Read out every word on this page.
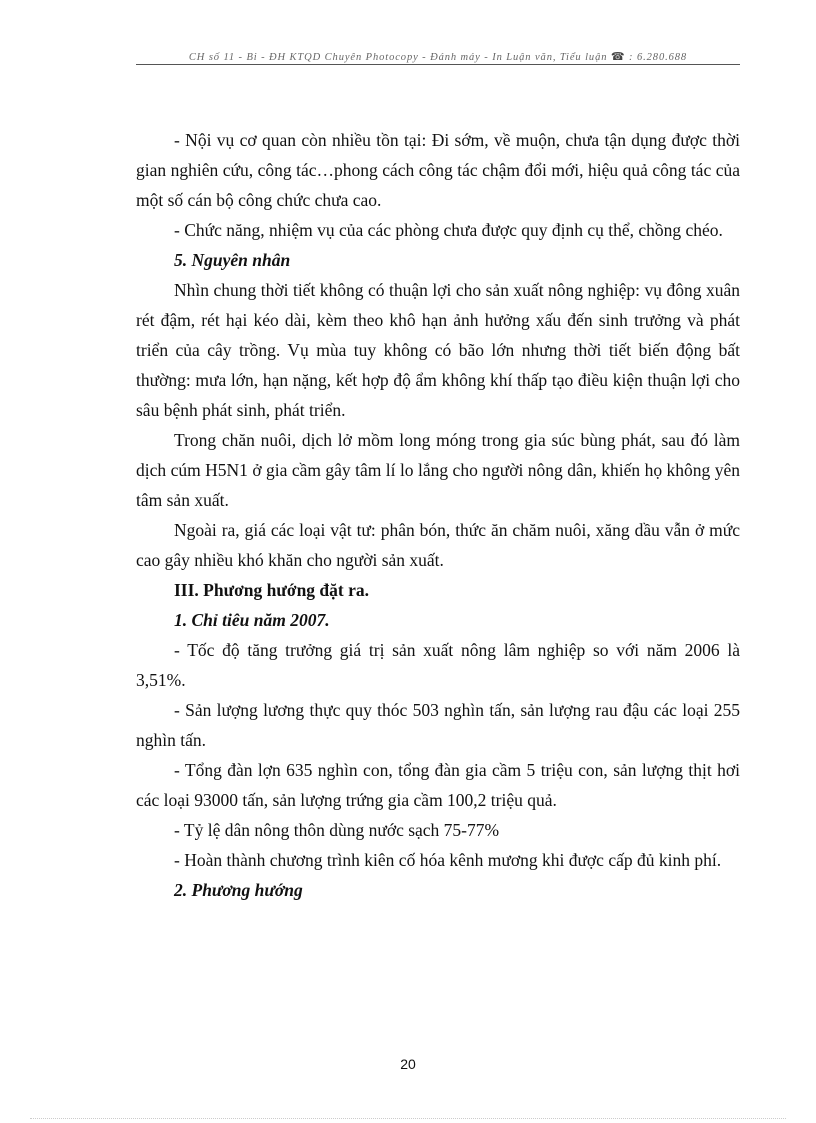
CH số 11 - Bi - ĐH KTQD Chuyên Photocopy - Đánh máy - In Luận văn, Tiểu luận ☎ : 6.280.688

- Nội vụ cơ quan còn nhiều tồn tại: Đi sớm, về muộn, chưa tận dụng được thời gian nghiên cứu, công tác…phong cách công tác chậm đổi mới, hiệu quả công tác của một số cán bộ công chức chưa cao.

- Chức năng, nhiệm vụ của các phòng chưa được quy định cụ thể, chồng chéo.

5. Nguyên nhân

Nhìn chung thời tiết không có thuận lợi cho sản xuất nông nghiệp: vụ đông xuân rét đậm, rét hại kéo dài, kèm theo khô hạn ảnh hưởng xấu đến sinh trưởng và phát triển của cây trồng. Vụ mùa tuy không có bão lớn nhưng thời tiết biến động bất thường: mưa lớn, hạn nặng, kết hợp độ ẩm không khí thấp tạo điều kiện thuận lợi cho sâu bệnh phát sinh, phát triển.

Trong chăn nuôi, dịch lở mồm long móng trong gia súc bùng phát, sau đó làm dịch cúm H5N1 ở gia cầm gây tâm lí lo lắng cho người nông dân, khiến họ không yên tâm sản xuất.

Ngoài ra, giá các loại vật tư: phân bón, thức ăn chăm nuôi, xăng dầu vẫn ở mức cao gây nhiều khó khăn cho người sản xuất.

III. Phương hướng đặt ra.

1. Chỉ tiêu năm 2007.

- Tốc độ tăng trưởng giá trị sản xuất nông lâm nghiệp so với năm 2006 là 3,51%.

- Sản lượng lương thực quy thóc 503 nghìn tấn, sản lượng rau đậu các loại 255 nghìn tấn.

- Tổng đàn lợn 635 nghìn con, tổng đàn gia cầm 5 triệu con, sản lượng thịt hơi các loại 93000 tấn, sản lượng trứng gia cầm 100,2 triệu quả.

- Tỷ lệ dân nông thôn dùng nước sạch 75-77%

- Hoàn thành chương trình kiên cố hóa kênh mương khi được cấp đủ kinh phí.

2. Phương hướng

20
